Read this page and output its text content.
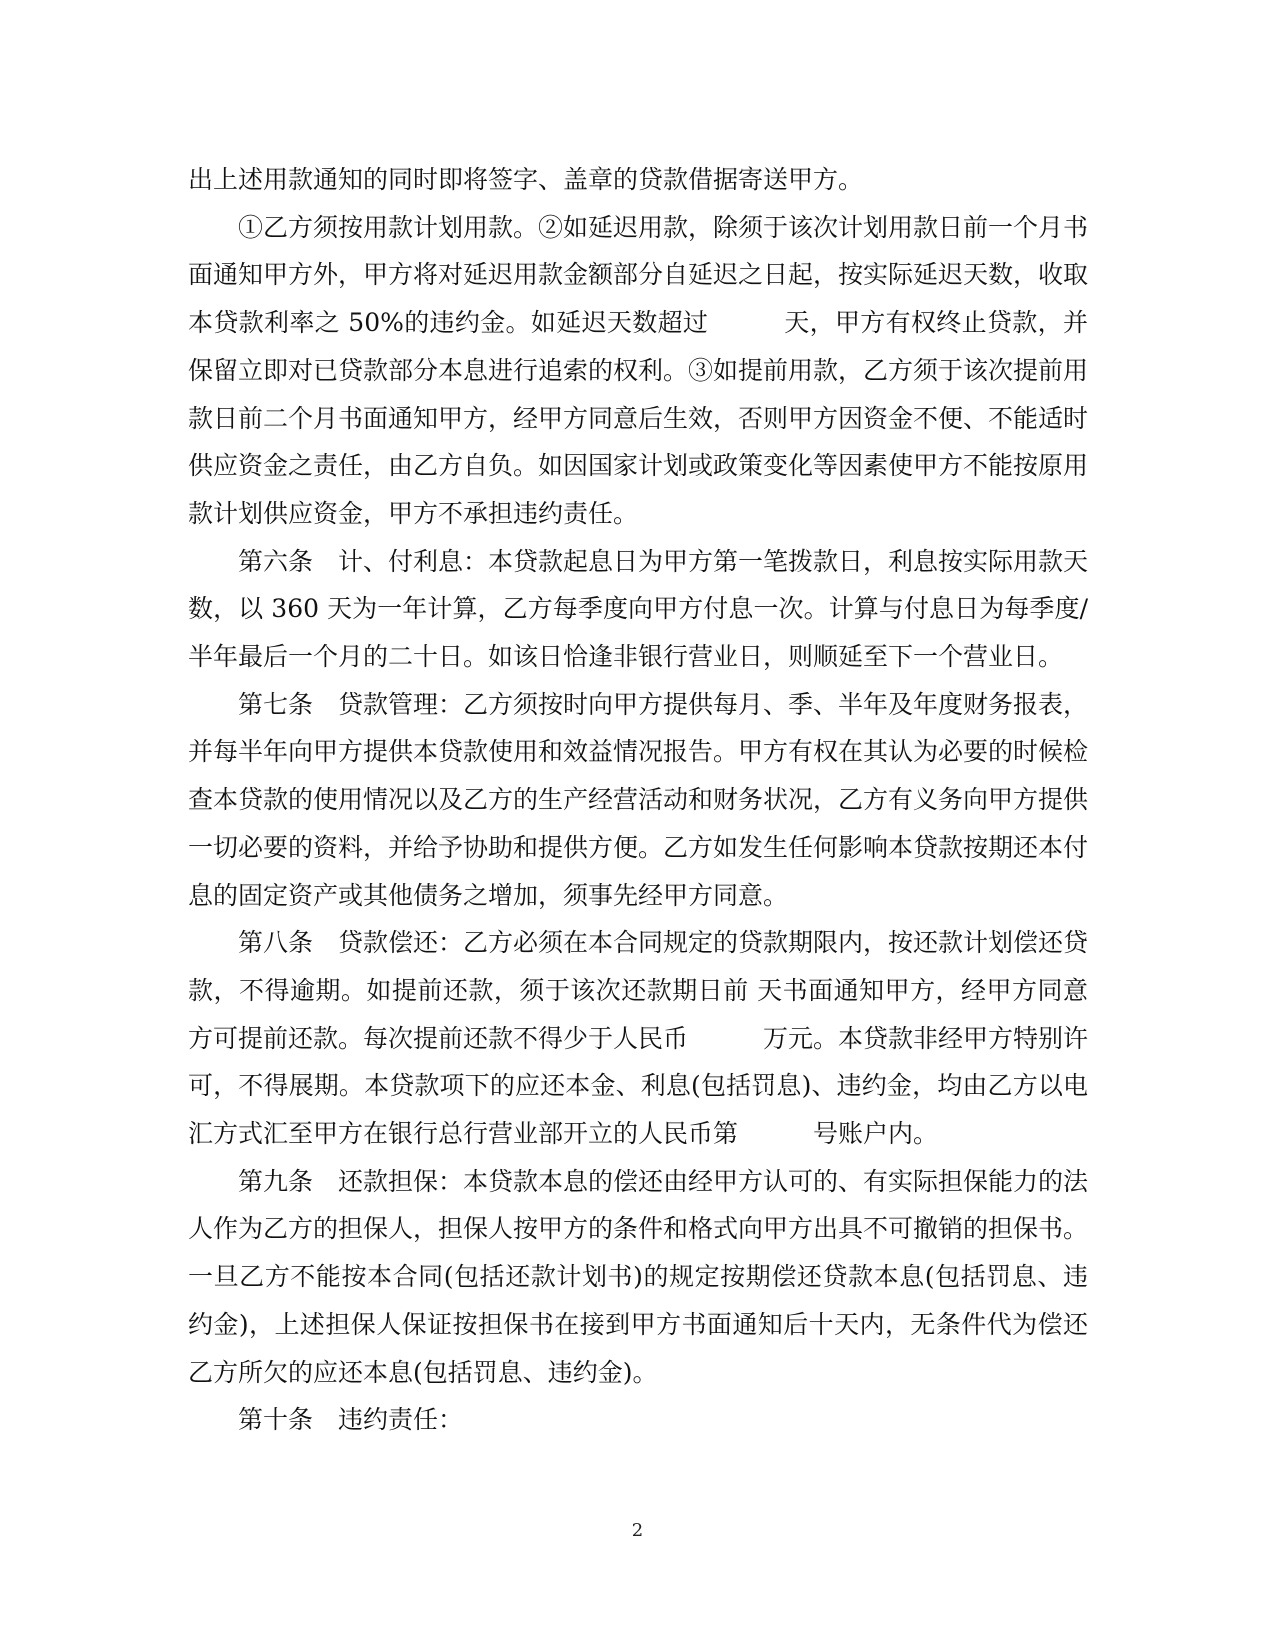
出上述用款通知的同时即将签字、盖章的贷款借据寄送甲方。

①乙方须按用款计划用款。②如延迟用款，除须于该次计划用款日前一个月书面通知甲方外，甲方将对延迟用款金额部分自延迟之日起，按实际延迟天数，收取本贷款利率之 50%的违约金。如延迟天数超过　　　天，甲方有权终止贷款，并保留立即对已贷款部分本息进行追索的权利。③如提前用款，乙方须于该次提前用款日前二个月书面通知甲方，经甲方同意后生效，否则甲方因资金不便、不能适时供应资金之责任，由乙方自负。如因国家计划或政策变化等因素使甲方不能按原用款计划供应资金，甲方不承担违约责任。

第六条　计、付利息：本贷款起息日为甲方第一笔拨款日，利息按实际用款天数，以 360 天为一年计算，乙方每季度向甲方付息一次。计算与付息日为每季度/半年最后一个月的二十日。如该日恰逢非银行营业日，则顺延至下一个营业日。

第七条　贷款管理：乙方须按时向甲方提供每月、季、半年及年度财务报表，并每半年向甲方提供本贷款使用和效益情况报告。甲方有权在其认为必要的时候检查本贷款的使用情况以及乙方的生产经营活动和财务状况，乙方有义务向甲方提供一切必要的资料，并给予协助和提供方便。乙方如发生任何影响本贷款按期还本付息的固定资产或其他债务之增加，须事先经甲方同意。

第八条　贷款偿还：乙方必须在本合同规定的贷款期限内，按还款计划偿还贷款，不得逾期。如提前还款，须于该次还款期日前 天书面通知甲方，经甲方同意方可提前还款。每次提前还款不得少于人民币　　　万元。本贷款非经甲方特别许可，不得展期。本贷款项下的应还本金、利息(包括罚息)、违约金，均由乙方以电汇方式汇至甲方在银行总行营业部开立的人民币第　　　号账户内。

第九条　还款担保：本贷款本息的偿还由经甲方认可的、有实际担保能力的法人作为乙方的担保人，担保人按甲方的条件和格式向甲方出具不可撤销的担保书。一旦乙方不能按本合同(包括还款计划书)的规定按期偿还贷款本息(包括罚息、违约金)，上述担保人保证按担保书在接到甲方书面通知后十天内，无条件代为偿还乙方所欠的应还本息(包括罚息、违约金)。

第十条　违约责任：

2
